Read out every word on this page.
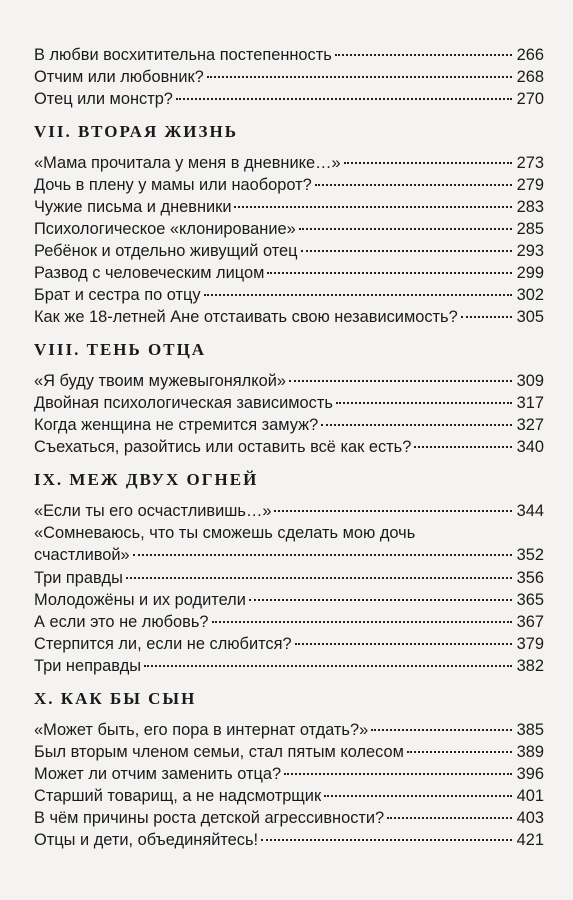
В любви восхитительна постепенность	266
Отчим или любовник?	268
Отец или монстр?	270
VII. ВТОРАЯ ЖИЗНЬ
«Мама прочитала у меня в дневнике…»	273
Дочь в плену у мамы или наоборот?	279
Чужие письма и дневники	283
Психологическое «клонирование»	285
Ребёнок и отдельно живущий отец	293
Развод с человеческим лицом	299
Брат и сестра по отцу	302
Как же 18-летней Ане отстаивать свою независимость?	305
VIII. ТЕНЬ ОТЦА
«Я буду твоим мужевыгонялкой»	309
Двойная психологическая зависимость	317
Когда женщина не стремится замуж?	327
Съехаться, разойтись или оставить всё как есть?	340
IX. МЕЖ ДВУХ ОГНЕЙ
«Если ты его осчастливишь…»	344
«Сомневаюсь, что ты сможешь сделать мою дочь
счастливой»	352
Три правды	356
Молодожёны и их родители	365
А если это не любовь?	367
Стерпится ли, если не слюбится?	379
Три неправды	382
X. КАК БЫ СЫН
«Может быть, его пора в интернат отдать?»	385
Был вторым членом семьи, стал пятым колесом	389
Может ли отчим заменить отца?	396
Старший товарищ, а не надсмотрщик	401
В чём причины роста детской агрессивности?	403
Отцы и дети, объединяйтесь!	421
